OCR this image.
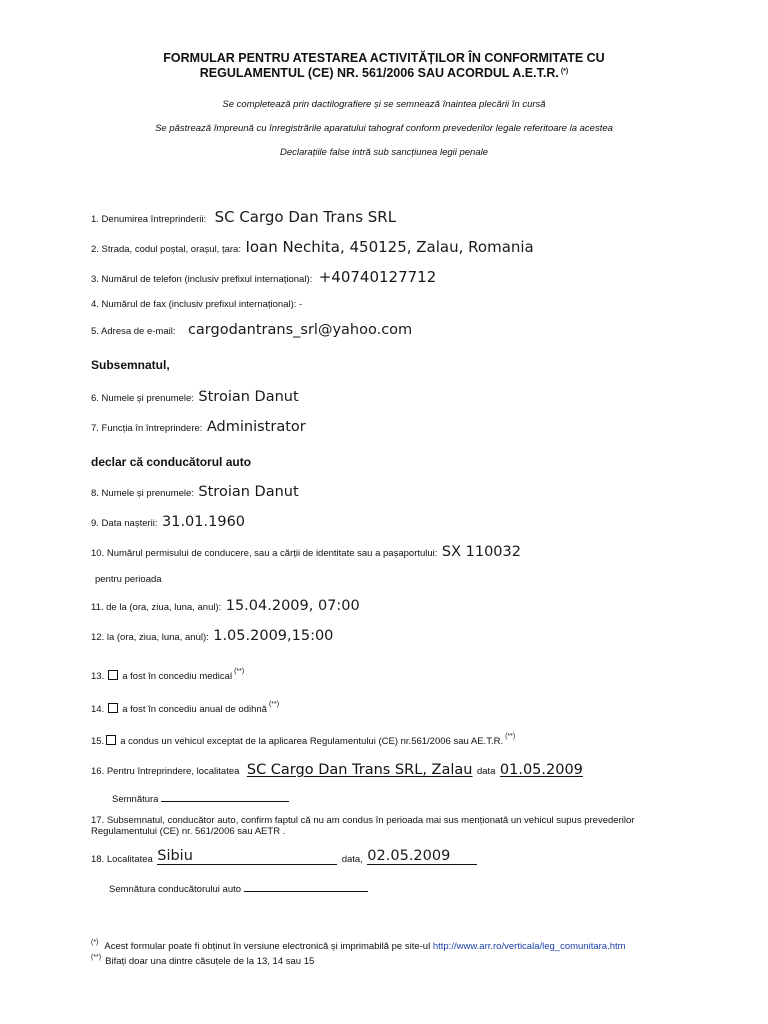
FORMULAR PENTRU ATESTAREA ACTIVITĂȚILOR ÎN CONFORMITATE CU
REGULAMENTUL (CE) NR. 561/2006 SAU ACORDUL A.E.T.R. (*)
Se completează prin dactilografiere și se semnează înaintea plecării în cursă
Se păstrează împreună cu înregistrările aparatului tahograf conform prevederilor legale referitoare la acestea
Declarațiile false intră sub sancțiunea legii penale
1. Denumirea întreprinderii: SC Cargo Dan Trans SRL
2. Strada, codul poștal, orașul, țara: Ioan Nechita, 450125, Zalau, Romania
3. Numărul de telefon (inclusiv prefixul internațional): +40740127712
4. Numărul de fax (inclusiv prefixul internațional): -
5. Adresa de e-mail: cargodantrans_srl@yahoo.com
Subsemnatul,
6. Numele și prenumele: Stroian Danut
7. Funcția în întreprindere: Administrator
declar că conducătorul auto
8. Numele și prenumele: Stroian Danut
9. Data nașterii: 31.01.1960
10. Numărul permisului de conducere, sau a cărții de identitate sau a pașaportului: SX 110032
pentru perioada
11. de la (ora, ziua, luna, anul): 15.04.2009, 07:00
12. la (ora, ziua, luna, anul): 1.05.2009,15:00
13. a fost în concediu medical (**)
14. a fost în concediu anual de odihnă (**)
15. a condus un vehicul exceptat de la aplicarea Regulamentului (CE) nr.561/2006 sau AE.T.R. (**)
16. Pentru întreprindere, localitatea SC Cargo Dan Trans SRL, Zalau data 01.05.2009
Semnătura
17. Subsemnatul, conducător auto, confirm faptul că nu am condus în perioada mai sus menționată un vehicul supus prevederilor
Regulamentului (CE) nr. 561/2006 sau AETR .
18. Localitatea Sibiu	data, 02.05.2009
Semnătura conducătorului auto
(*) Acest formular poate fi obținut în versiune electronică și imprimabilă pe site-ul http://www.arr.ro/verticala/leg_comunitara.htm
(**) Bifați doar una dintre căsuțele de la 13, 14 sau 15
